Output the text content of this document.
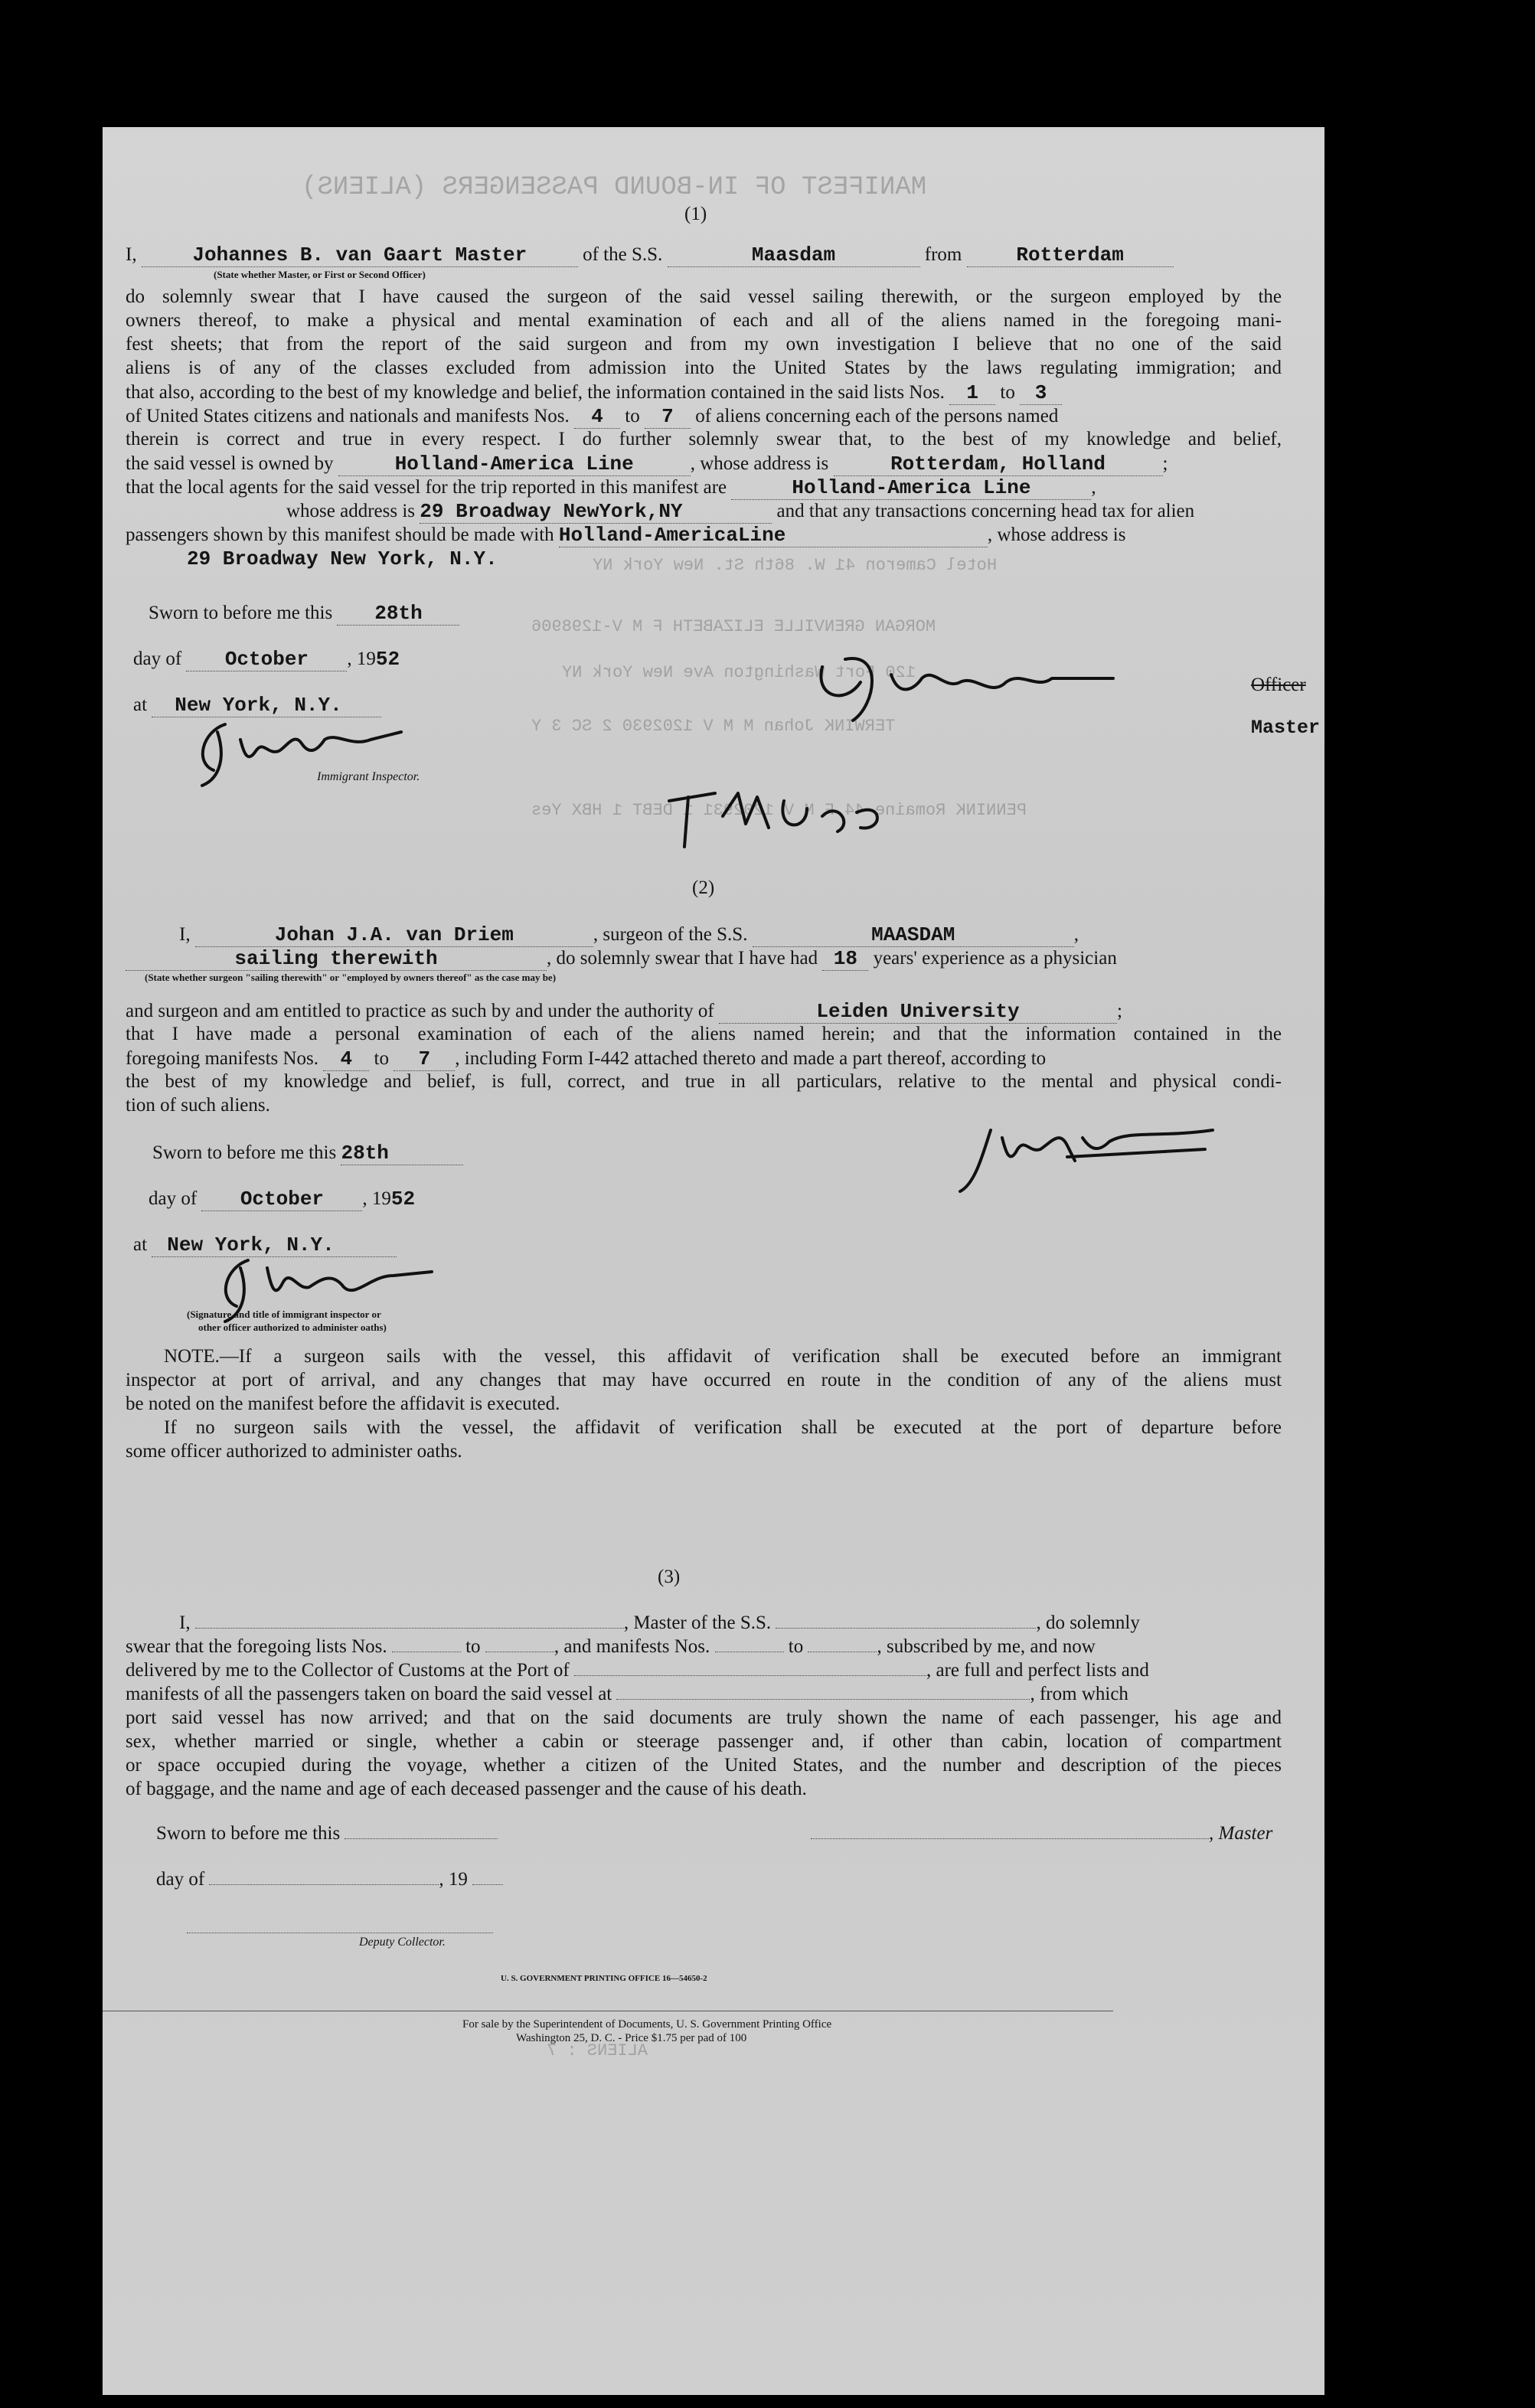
MANIFEST OF IN-BOUND PASSENGERS (ALIENS)
Hotel Cameron 41 W. 86th St. New York NY
MORGAN GRENVILLE ELIZABETH F M V-1298906
120 Fort Washington Ave New York NY
TERWINK Johan M M V 1202930 2 SC 3 Y
PENNINK Romaine 44 F M V 1202931 1 DEBT 1 HBX Yes
ALIENS : 7
(1)
I,	Johannes B. van Gaart Master	of the S.S.	Maasdam	from	Rotterdam
(State whether Master, or First or Second Officer)
do solemnly swear that I have caused the surgeon of the said vessel sailing therewith, or the surgeon employed by the
owners thereof, to make a physical and mental examination of each and all of the aliens named in the foregoing mani-
fest sheets; that from the report of the said surgeon and from my own investigation I believe that no one of the said
aliens is of any of the classes excluded from admission into the United States by the laws regulating immigration; and
that also, according to the best of my knowledge and belief, the information contained in the said lists Nos. 1 to 3
of United States citizens and nationals and manifests Nos. 4 to 7 of aliens concerning each of the persons named
therein is correct and true in every respect. I do further solemnly swear that, to the best of my knowledge and belief,
the said vessel is owned by	Holland-America Line	, whose address is	Rotterdam, Holland	;
that the local agents for the said vessel for the trip reported in this manifest are	Holland-America Line	,
whose address is 29 Broadway NewYork,NY	and that any transactions concerning head tax for alien
passengers shown by this manifest should be made with Holland-AmericaLine	, whose address is
29 Broadway New York, N.Y.
Sworn to before me this 28th
day of October , 1952
at New York, N.Y.
Immigrant Inspector.
Officer
Master
(2)
I,	Johan J.A. van Driem	, surgeon of the S.S.	MAASDAM	,
sailing therewith	, do solemnly swear that I have had 18 years' experience as a physician
(State whether surgeon "sailing therewith" or "employed by owners thereof" as the case may be)
and surgeon and am entitled to practice as such by and under the authority of	Leiden University	;
that I have made a personal examination of each of the aliens named herein; and that the information contained in the
foregoing manifests Nos. 4 to 7 , including Form I-442 attached thereto and made a part thereof, according to
the best of my knowledge and belief, is full, correct, and true in all particulars, relative to the mental and physical condi-
tion of such aliens.
Sworn to before me this 28th
day of October , 1952
at New York, N.Y.
(Signature and title of immigrant inspector or
other officer authorized to administer oaths)
NOTE.—If a surgeon sails with the vessel, this affidavit of verification shall be executed before an immigrant
inspector at port of arrival, and any changes that may have occurred en route in the condition of any of the aliens must
be noted on the manifest before the affidavit is executed.
If no surgeon sails with the vessel, the affidavit of verification shall be executed at the port of departure before
some officer authorized to administer oaths.
(3)
I,	, Master of the S.S.	, do solemnly
swear that the foregoing lists Nos.	to	, and manifests Nos.	to	, subscribed by me, and now
delivered by me to the Collector of Customs at the Port of	, are full and perfect lists and
manifests of all the passengers taken on board the said vessel at	, from which
port said vessel has now arrived; and that on the said documents are truly shown the name of each passenger, his age and
sex, whether married or single, whether a cabin or steerage passenger and, if other than cabin, location of compartment
or space occupied during the voyage, whether a citizen of the United States, and the number and description of the pieces
of baggage, and the name and age of each deceased passenger and the cause of his death.
Sworn to before me this	, Master
day of	, 19
Deputy Collector.
U. S. GOVERNMENT PRINTING OFFICE 16—54650-2
For sale by the Superintendent of Documents, U. S. Government Printing Office
Washington 25, D. C. - Price $1.75 per pad of 100
